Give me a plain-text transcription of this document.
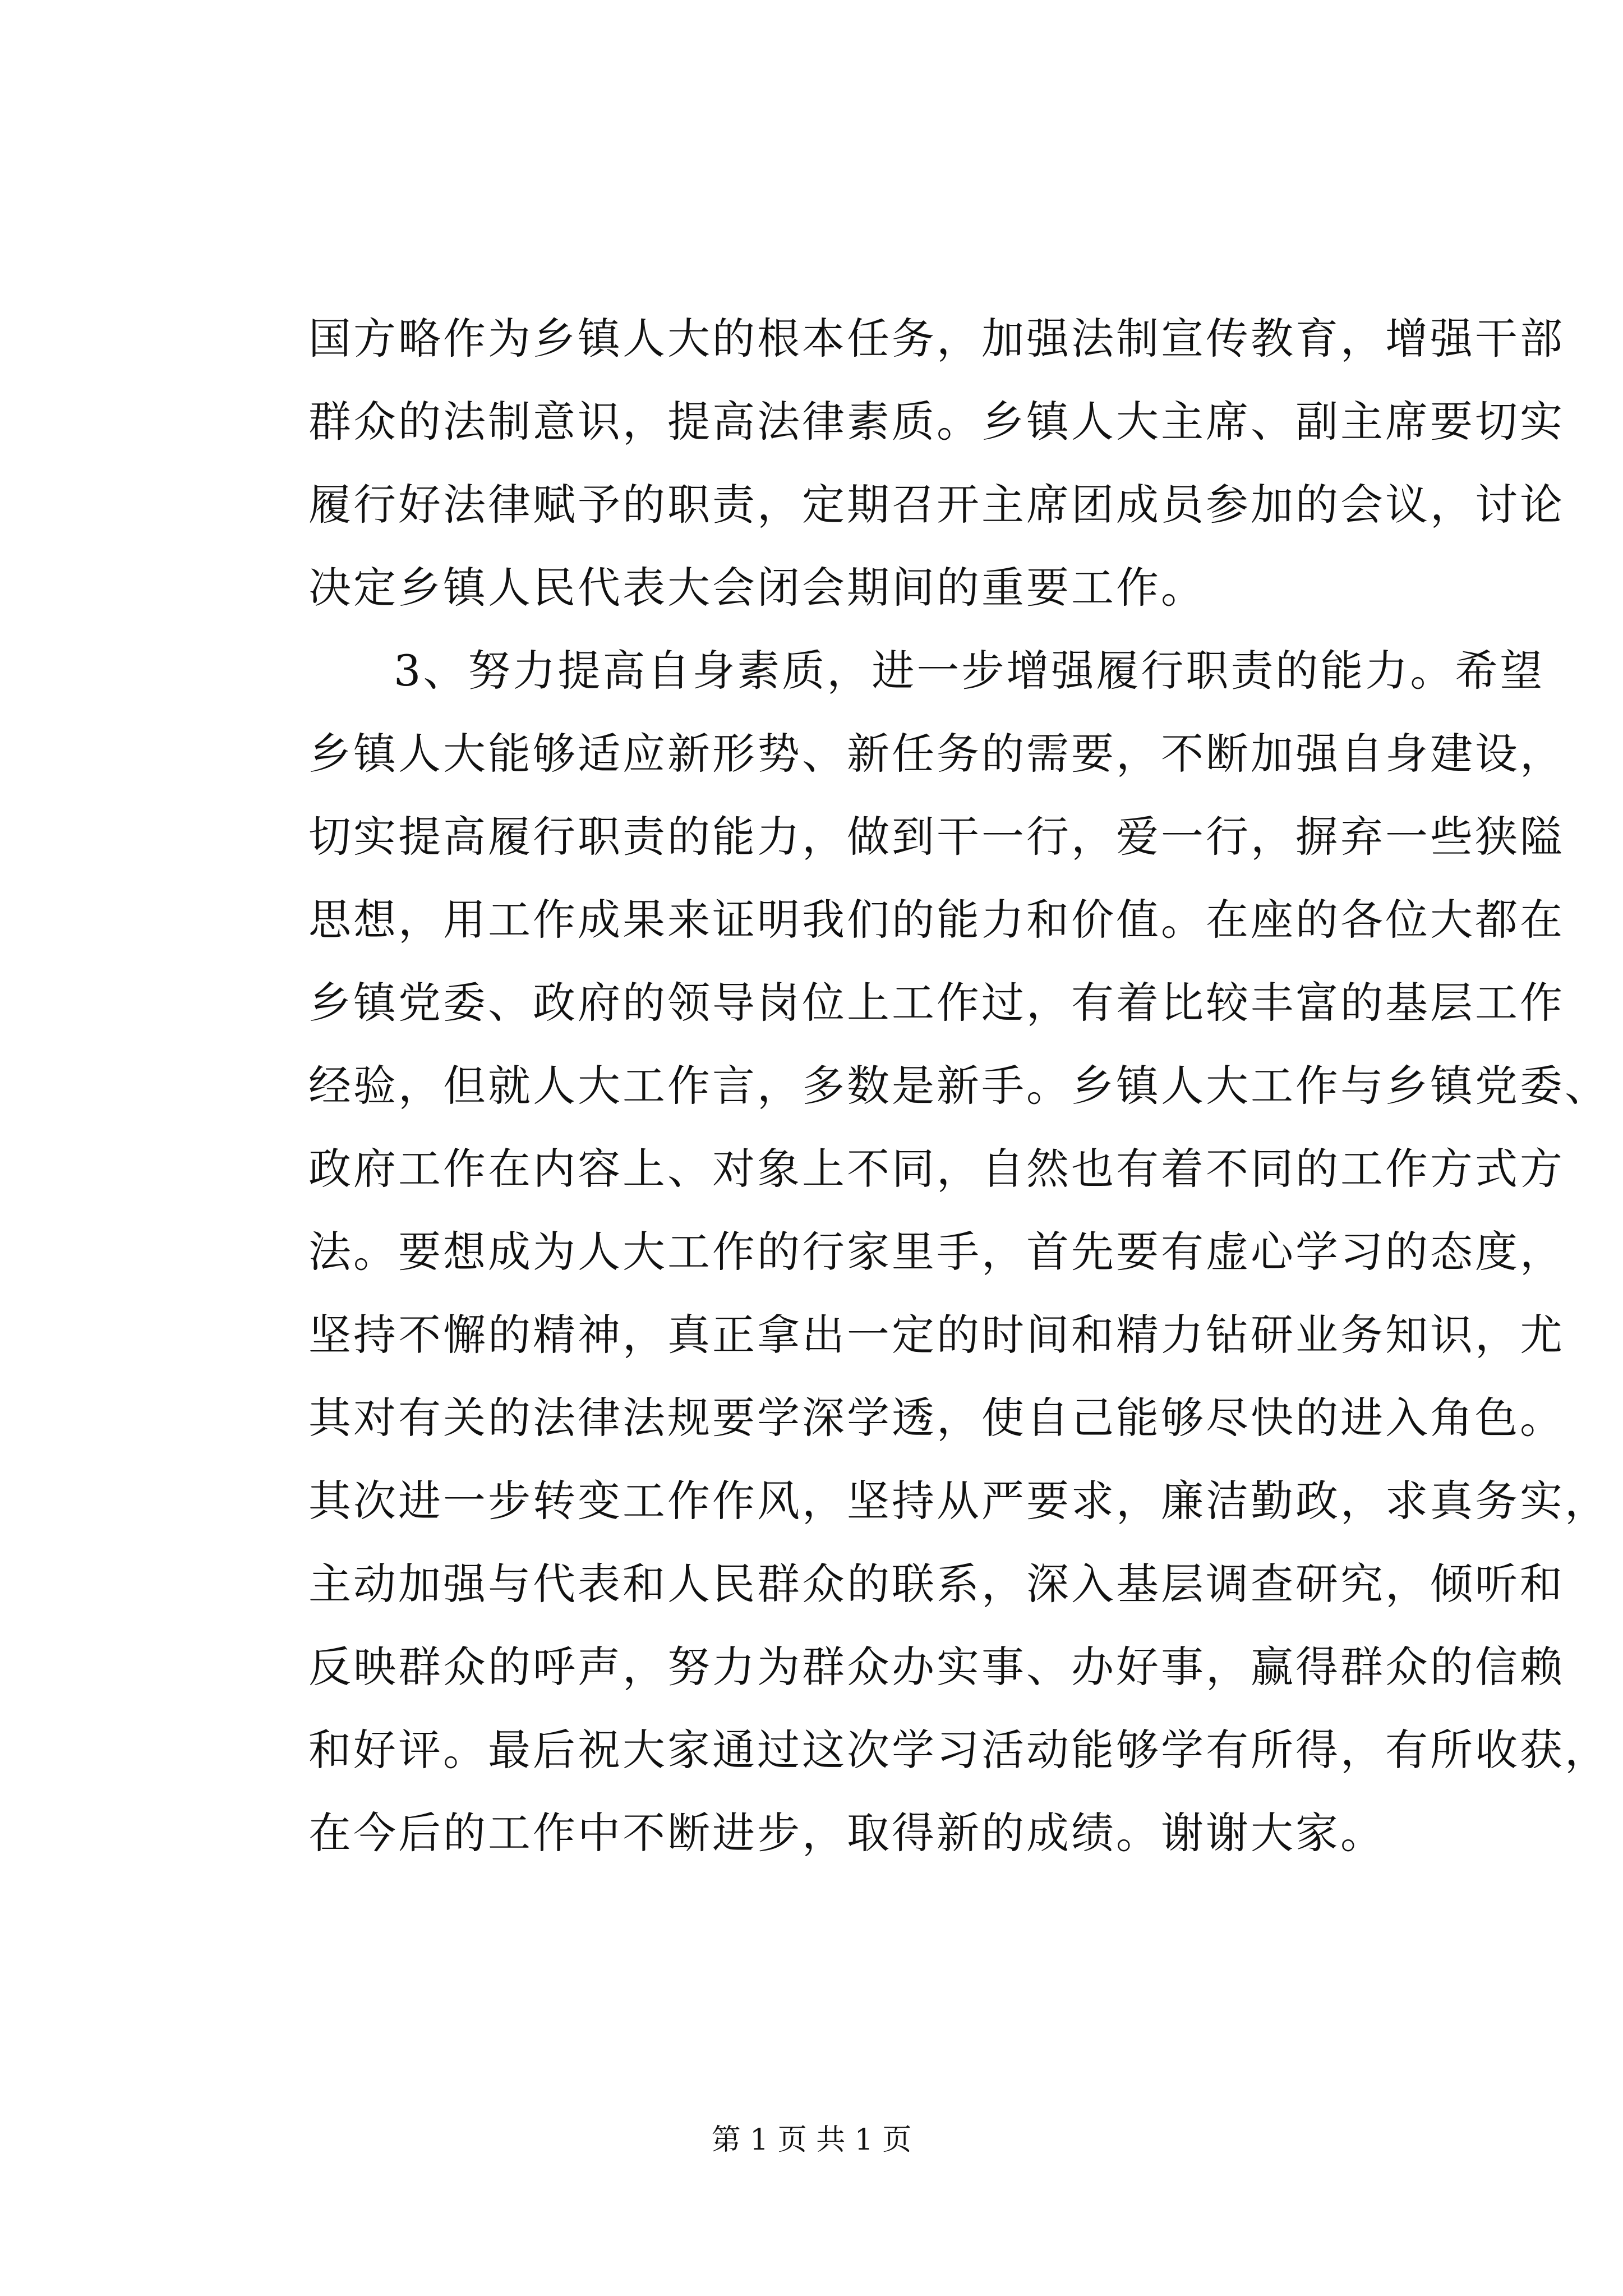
国方略作为乡镇人大的根本任务，加强法制宣传教育，增强干部
群众的法制意识，提高法律素质。乡镇人大主席、副主席要切实
履行好法律赋予的职责，定期召开主席团成员参加的会议，讨论
决定乡镇人民代表大会闭会期间的重要工作。
3、努力提高自身素质，进一步增强履行职责的能力。希望
乡镇人大能够适应新形势、新任务的需要，不断加强自身建设，
切实提高履行职责的能力，做到干一行，爱一行，摒弃一些狭隘
思想，用工作成果来证明我们的能力和价值。在座的各位大都在
乡镇党委、政府的领导岗位上工作过，有着比较丰富的基层工作
经验，但就人大工作言，多数是新手。乡镇人大工作与乡镇党委、
政府工作在内容上、对象上不同，自然也有着不同的工作方式方
法。要想成为人大工作的行家里手，首先要有虚心学习的态度，
坚持不懈的精神，真正拿出一定的时间和精力钻研业务知识，尤
其对有关的法律法规要学深学透，使自己能够尽快的进入角色。
其次进一步转变工作作风，坚持从严要求，廉洁勤政，求真务实，
主动加强与代表和人民群众的联系，深入基层调查研究，倾听和
反映群众的呼声，努力为群众办实事、办好事，赢得群众的信赖
和好评。最后祝大家通过这次学习活动能够学有所得，有所收获，
在今后的工作中不断进步，取得新的成绩。谢谢大家。
第 1 页 共 1 页
